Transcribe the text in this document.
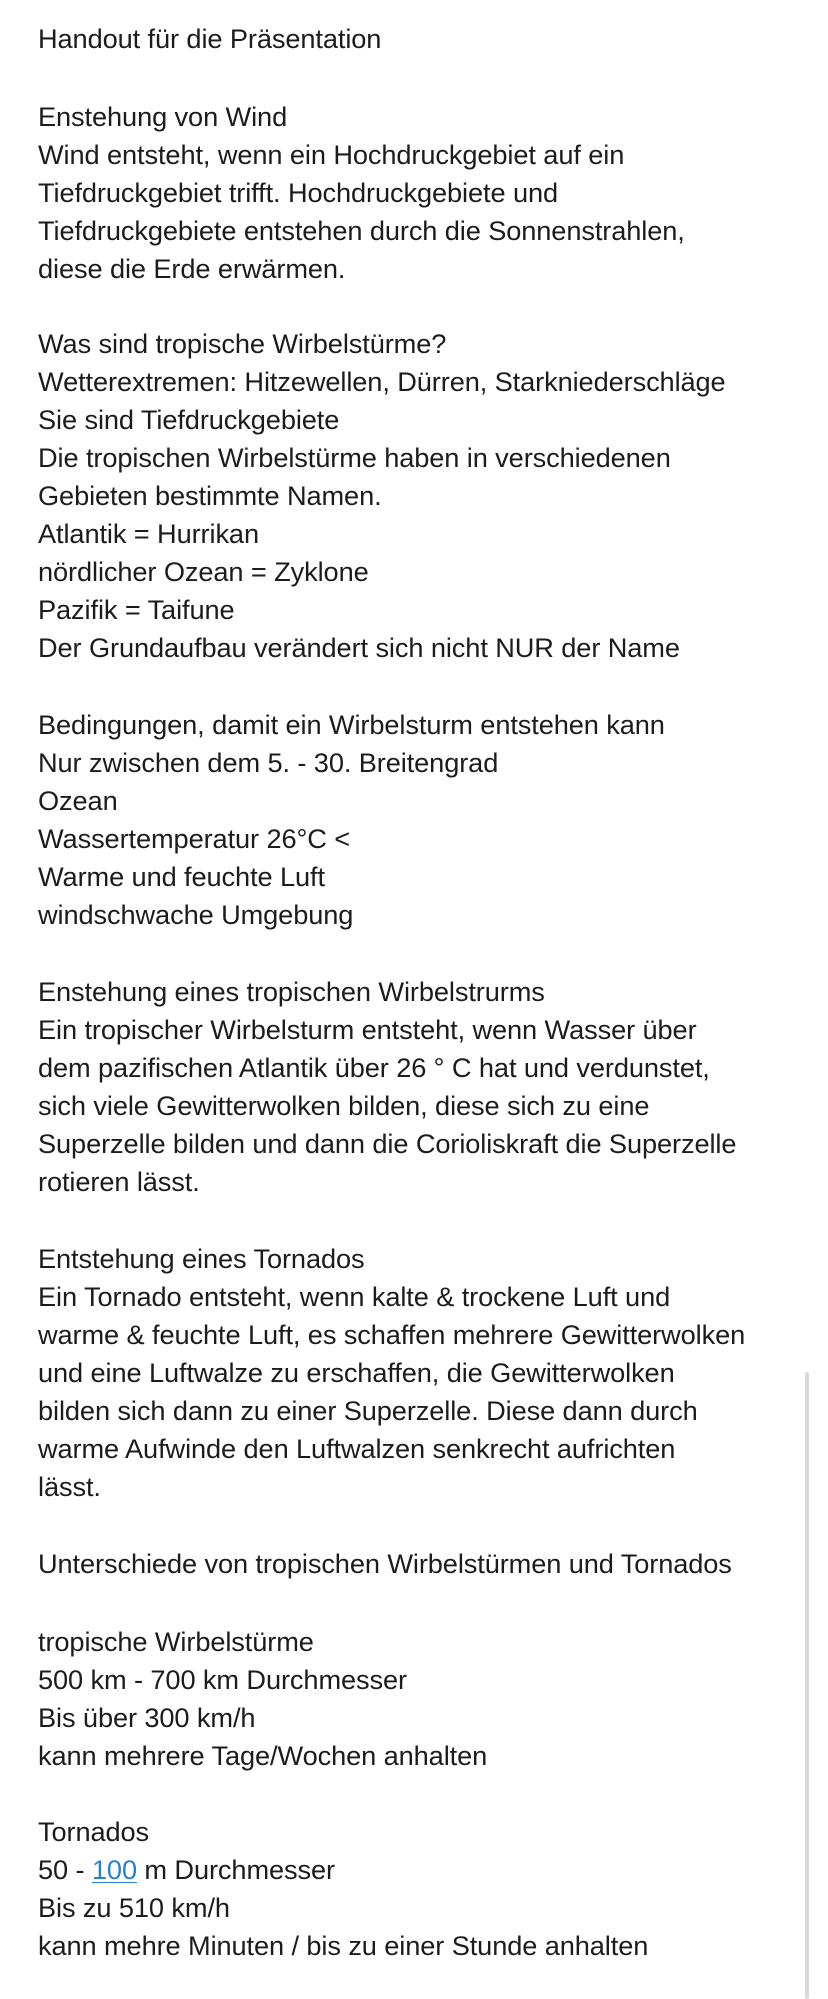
Handout für die Präsentation
Enstehung von Wind
Wind entsteht, wenn ein Hochdruckgebiet auf ein
Tiefdruckgebiet trifft. Hochdruckgebiete und
Tiefdruckgebiete entstehen durch die Sonnenstrahlen,
diese die Erde erwärmen.
Was sind tropische Wirbelstürme?
Wetterextremen: Hitzewellen, Dürren, Starkniederschläge
Sie sind Tiefdruckgebiete
Die tropischen Wirbelstürme haben in verschiedenen
Gebieten bestimmte Namen.
Atlantik = Hurrikan
nördlicher Ozean = Zyklone
Pazifik = Taifune
Der Grundaufbau verändert sich nicht NUR der Name
Bedingungen, damit ein Wirbelsturm entstehen kann
Nur zwischen dem 5. - 30. Breitengrad
Ozean
Wassertemperatur 26°C <
Warme und feuchte Luft
windschwache Umgebung
Enstehung eines tropischen Wirbelstrurms
Ein tropischer Wirbelsturm entsteht, wenn Wasser über
dem pazifischen Atlantik über 26 ° C hat und verdunstet,
sich viele Gewitterwolken bilden, diese sich zu eine
Superzelle bilden und dann die Corioliskraft die Superzelle
rotieren lässt.
Entstehung eines Tornados
Ein Tornado entsteht, wenn kalte & trockene Luft und
warme & feuchte Luft, es schaffen mehrere Gewitterwolken
und eine Luftwalze zu erschaffen, die Gewitterwolken
bilden sich dann zu einer Superzelle. Diese dann durch
warme Aufwinde den Luftwalzen senkrecht aufrichten
lässt.
Unterschiede von tropischen Wirbelstürmen und Tornados
tropische Wirbelstürme
500 km - 700 km Durchmesser
Bis über 300 km/h
kann mehrere Tage/Wochen anhalten
Tornados
50 - 100 m Durchmesser
Bis zu 510 km/h
kann mehre Minuten / bis zu einer Stunde anhalten
